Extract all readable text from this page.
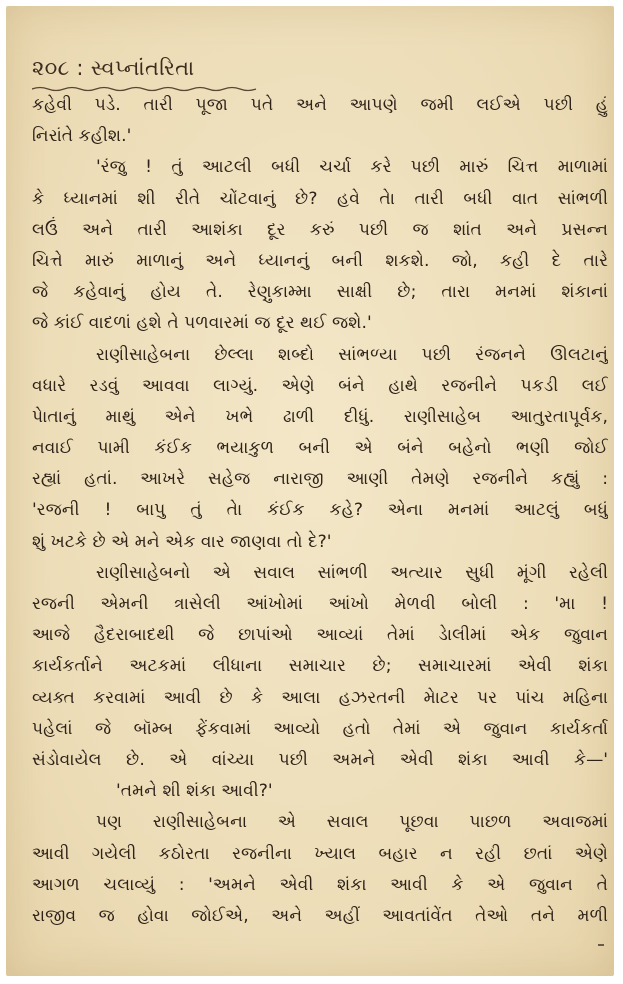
૨૦૮ : સ્વપ્નાંતરિતા
કહેવી પડે. તારી પૂજા પતે અને આપણે જમી લઈએ પછી હું
નિરાંતે કહીશ.'
'રંજુ ! તું આટલી બધી ચર્ચા કરે પછી મારું ચિત્ત માળામાં
કે ધ્યાનમાં શી રીતે ચોંટવાનું છે? હવે તેા તારી બધી વાત સાંભળી
લઉં અને તારી આશંકા દૂર કરું પછી જ શાંત અને પ્રસન્ન
ચિત્તે મારું માળાનું અને ધ્યાનનું બની શકશે. જો, કહી દે તારે
જે કહેવાનું હોય તે. રેણુકામ્મા સાક્ષી છે; તારા મનમાં શંકાનાં
જે કાંઈ વાદળાં હશે તે પળવારમાં જ દૂર થઈ જશે.'
રાણીસાહેબના છેલ્લા શબ્દો સાંભળ્યા પછી રંજનને ઊલટાનું
વધારે રડવું આવવા લાગ્યું. એણે બંને હાથે રજનીને પકડી લઈ
પેાતાનું માથું એને ખભે ઢાળી દીધું. રાણીસાહેબ આતુરતાપૂર્વક,
નવાઈ પામી કંઈક ભયાકુળ બની એ બંને બહેનો ભણી જોઈ
રહ્યાં હતાં. આખરે સહેજ નારાજી આણી તેમણે રજનીને કહ્યું :
'રજની ! બાપુ તું તેા કંઈક કહે? એના મનમાં આટલું બધું
શું ખટકે છે એ મને એક વાર જાણવા તો દે?'
રાણીસાહેબનો એ સવાલ સાંભળી અત્યાર સુધી મૂંગી રહેલી
રજની એમની ત્રાસેલી આંખોમાં આંખો મેળવી બોલી : 'મા !
આજે હૈદરાબાદથી જે છાપાંઓ આવ્યાં તેમાં ડેાલીમાં એક જુવાન
કાર્યકર્તાને અટકમાં લીધાના સમાચાર છે; સમાચારમાં એવી શંકા
વ્યક્ત કરવામાં આવી છે કે આલા હઝરતની મેાટર પર પાંચ મહિના
પહેલાં જે બૉમ્બ ફેંકવામાં આવ્યો હતો તેમાં એ જુવાન કાર્યકર્તા
સંડોવાયેલ છે. એ વાંચ્યા પછી અમને એવી શંકા આવી કે—'
'તમને શી શંકા આવી?'
પણ રાણીસાહેબના એ સવાલ પૂછવા પાછળ અવાજમાં
આવી ગયેલી કઠોરતા રજનીના ખ્યાલ બહાર ન રહી છતાં એણે
આગળ ચલાવ્યું : 'અમને એવી શંકા આવી કે એ જુવાન તે
રાજીવ જ હોવા જોઈએ, અને અહીં આવતાંવેંત તેઓ તને મળી
